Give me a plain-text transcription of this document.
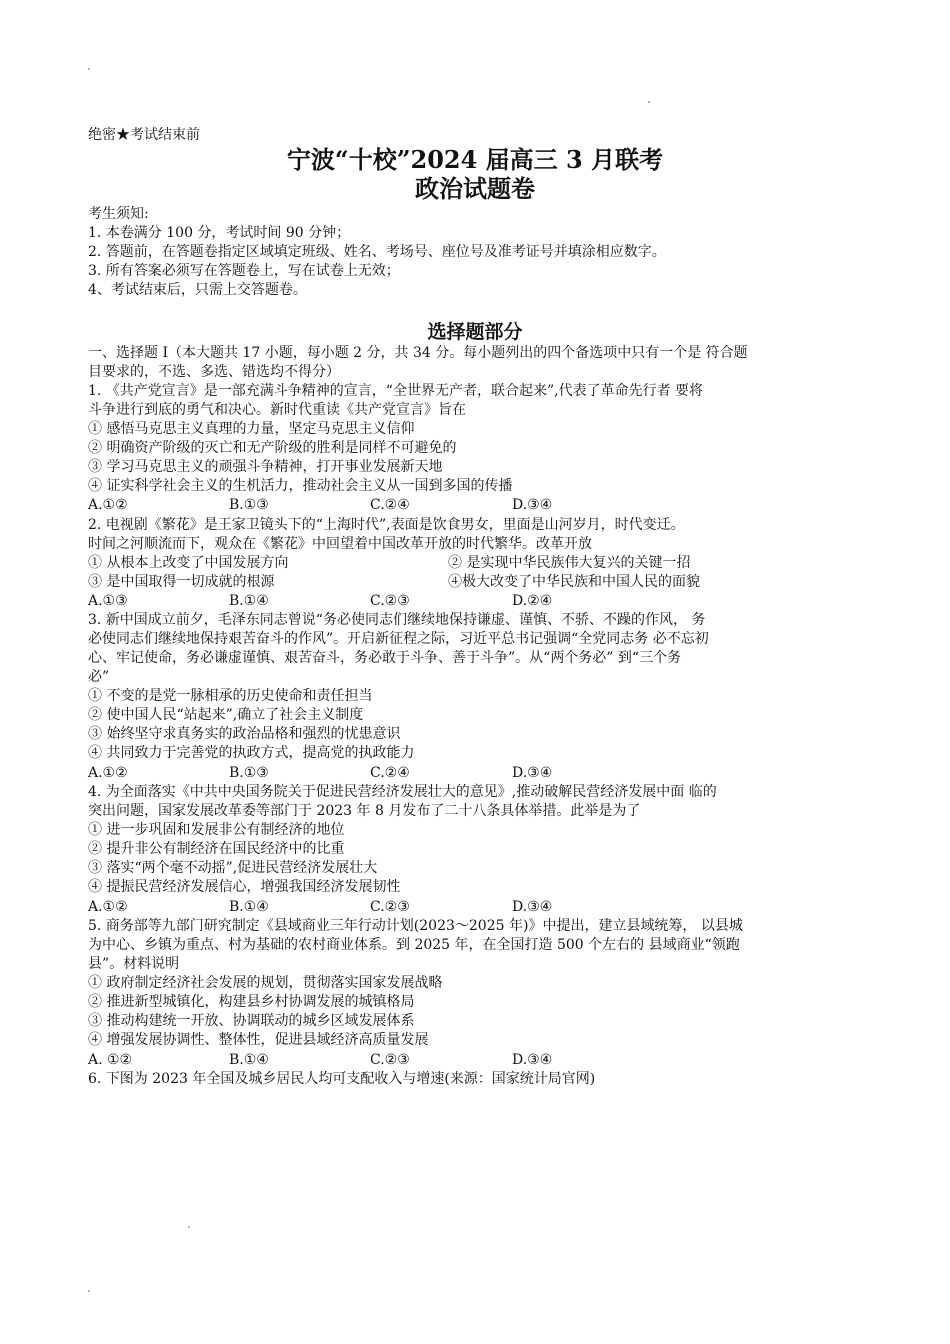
绝密★考试结束前
宁波“十校”2024 届高三 3 月联考
政治试题卷
考生须知:
1. 本卷满分 100 分，考试时间 90 分钟；
2. 答题前，在答题卷指定区域填定班级、姓名、考场号、座位号及准考证号并填涂相应数字。
3. 所有答案必须写在答题卷上，写在试卷上无效；
4、考试结束后，只需上交答题卷。
选择题部分
一、选择题 I（本大题共 17 小题，每小题 2 分，共 34 分。每小题列出的四个备选项中只有一个是 符合题
目要求的，不选、多选、错选均不得分）
1. 《共产党宣言》是一部充满斗争精神的宣言，“全世界无产者，联合起来”,代表了革命先行者 要将
斗争进行到底的勇气和决心。新时代重读《共产党宣言》旨在
① 感悟马克思主义真理的力量，坚定马克思主义信仰
② 明确资产阶级的灭亡和无产阶级的胜利是同样不可避免的
③ 学习马克思主义的顽强斗争精神，打开事业发展新天地
④ 证实科学社会主义的生机活力，推动社会主义从一国到多国的传播
A.①②	B.①③	C.②④	D.③④
2. 电视剧《繁花》是王家卫镜头下的“上海时代”,表面是饮食男女，里面是山河岁月，时代变迁。
时间之河顺流而下，观众在《繁花》中回望着中国改革开放的时代繁华。改革开放
① 从根本上改变了中国发展方向	② 是实现中华民族伟大复兴的关键一招
③ 是中国取得一切成就的根源	④极大改变了中华民族和中国人民的面貌
A.①③	B.①④	C.②③	D.②④
3. 新中国成立前夕，毛泽东同志曾说“务必使同志们继续地保持谦虚、谨慎、不骄、不躁的作风， 务
必使同志们继续地保持艰苦奋斗的作风”。开启新征程之际，习近平总书记强调“全党同志务 必不忘初
心、牢记使命，务必谦虚谨慎、艰苦奋斗，务必敢于斗争、善于斗争”。从“两个务必” 到“三个务
必”
① 不变的是党一脉相承的历史使命和责任担当
② 使中国人民“站起来”,确立了社会主义制度
③ 始终坚守求真务实的政治品格和强烈的忧患意识
④ 共同致力于完善党的执政方式，提高党的执政能力
A.①②	B.①③	C.②④	D.③④
4. 为全面落实《中共中央国务院关于促进民营经济发展壮大的意见》,推动破解民营经济发展中面 临的
突出问题，国家发展改革委等部门于 2023 年 8 月发布了二十八条具体举措。此举是为了
① 进一步巩固和发展非公有制经济的地位
② 提升非公有制经济在国民经济中的比重
③ 落实“两个毫不动摇”,促进民营经济发展壮大
④ 提振民营经济发展信心，增强我国经济发展韧性
A.①②	B.①④	C.②③	D.③④
5. 商务部等九部门研究制定《县域商业三年行动计划(2023～2025 年)》中提出，建立县域统筹， 以县城
为中心、乡镇为重点、村为基础的农村商业体系。到 2025 年，在全国打造 500 个左右的 县域商业“领跑
县”。材料说明
① 政府制定经济社会发展的规划，贯彻落实国家发展战略
② 推进新型城镇化，构建县乡村协调发展的城镇格局
③ 推动构建统一开放、协调联动的城乡区域发展体系
④ 增强发展协调性、整体性，促进县域经济高质量发展
A. ①②	B.①④	C.②③	D.③④
6. 下图为 2023 年全国及城乡居民人均可支配收入与增速(来源：国家统计局官网)
